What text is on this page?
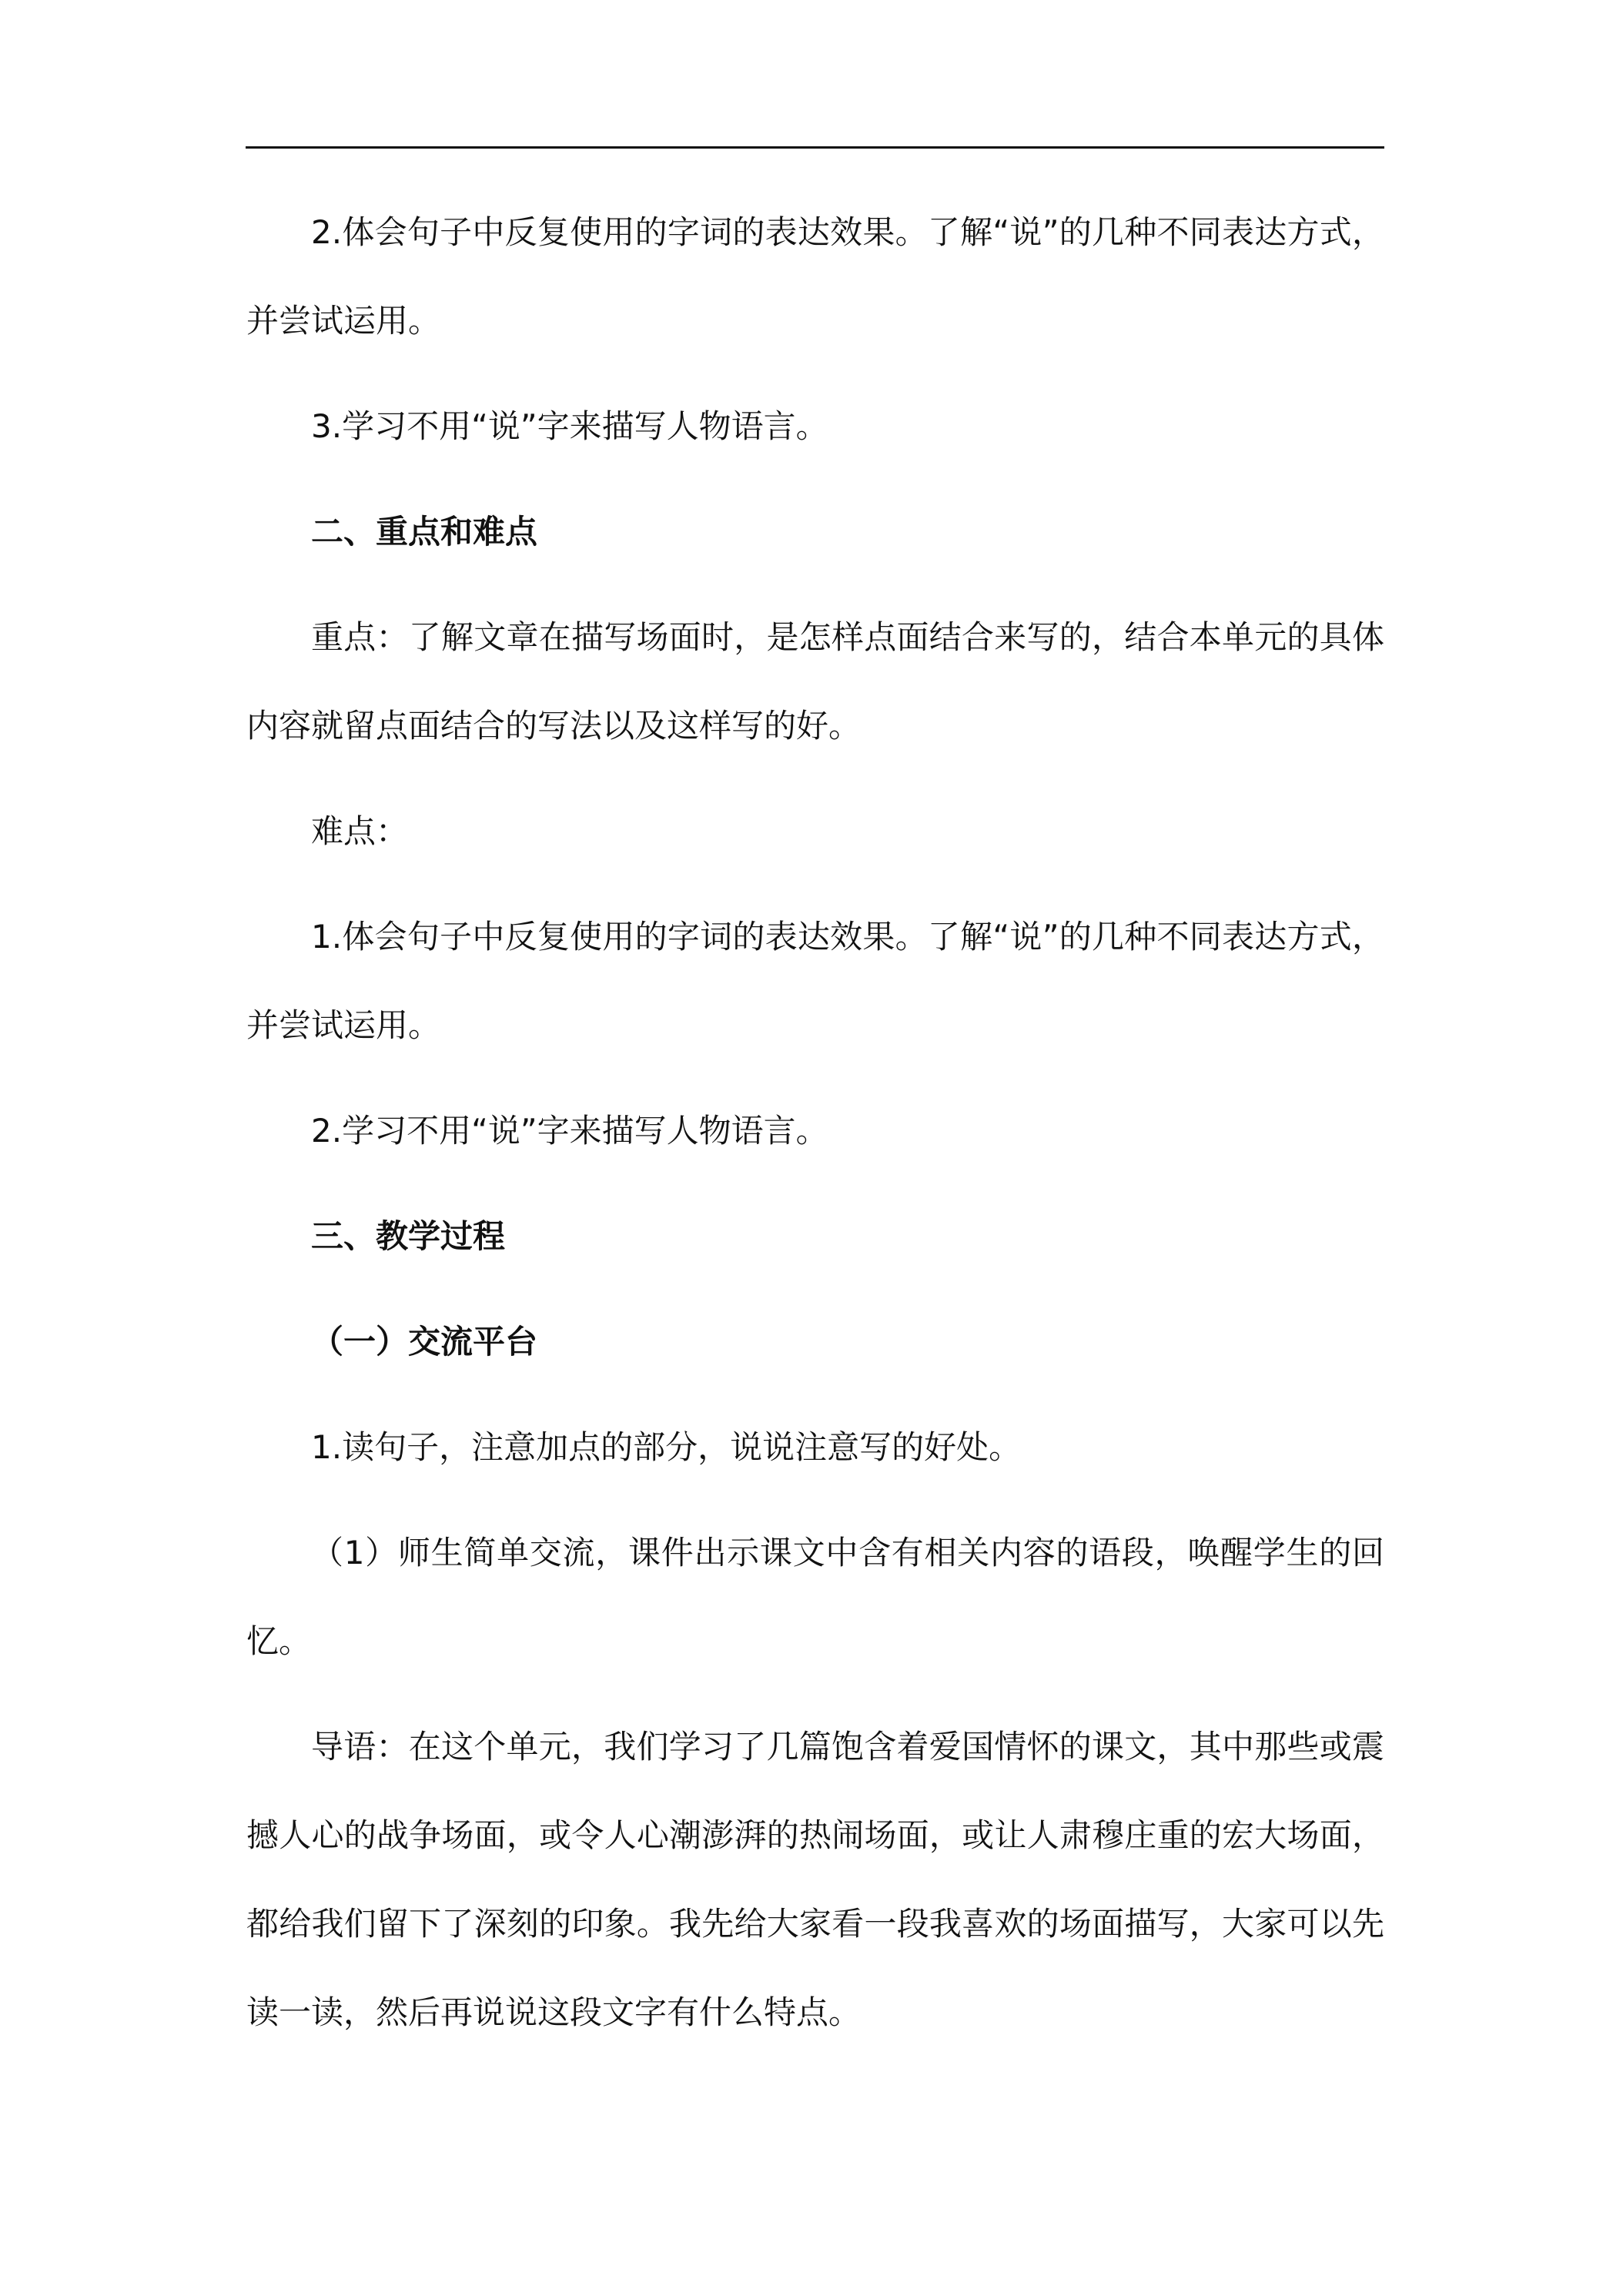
2.体会句子中反复使用的字词的表达效果。了解“说”的几种不同表达方式，并尝试运用。

3.学习不用“说”字来描写人物语言。

二、重点和难点

重点：了解文章在描写场面时，是怎样点面结合来写的，结合本单元的具体内容就留点面结合的写法以及这样写的好。

难点：

1.体会句子中反复使用的字词的表达效果。了解“说”的几种不同表达方式，并尝试运用。

2.学习不用“说”字来描写人物语言。

三、教学过程

（一）交流平台

1.读句子，注意加点的部分，说说注意写的好处。

（1）师生简单交流，课件出示课文中含有相关内容的语段，唤醒学生的回忆。

导语：在这个单元，我们学习了几篇饱含着爱国情怀的课文，其中那些或震撼人心的战争场面，或令人心潮澎湃的热闹场面，或让人肃穆庄重的宏大场面，都给我们留下了深刻的印象。我先给大家看一段我喜欢的场面描写，大家可以先读一读，然后再说说这段文字有什么特点。
